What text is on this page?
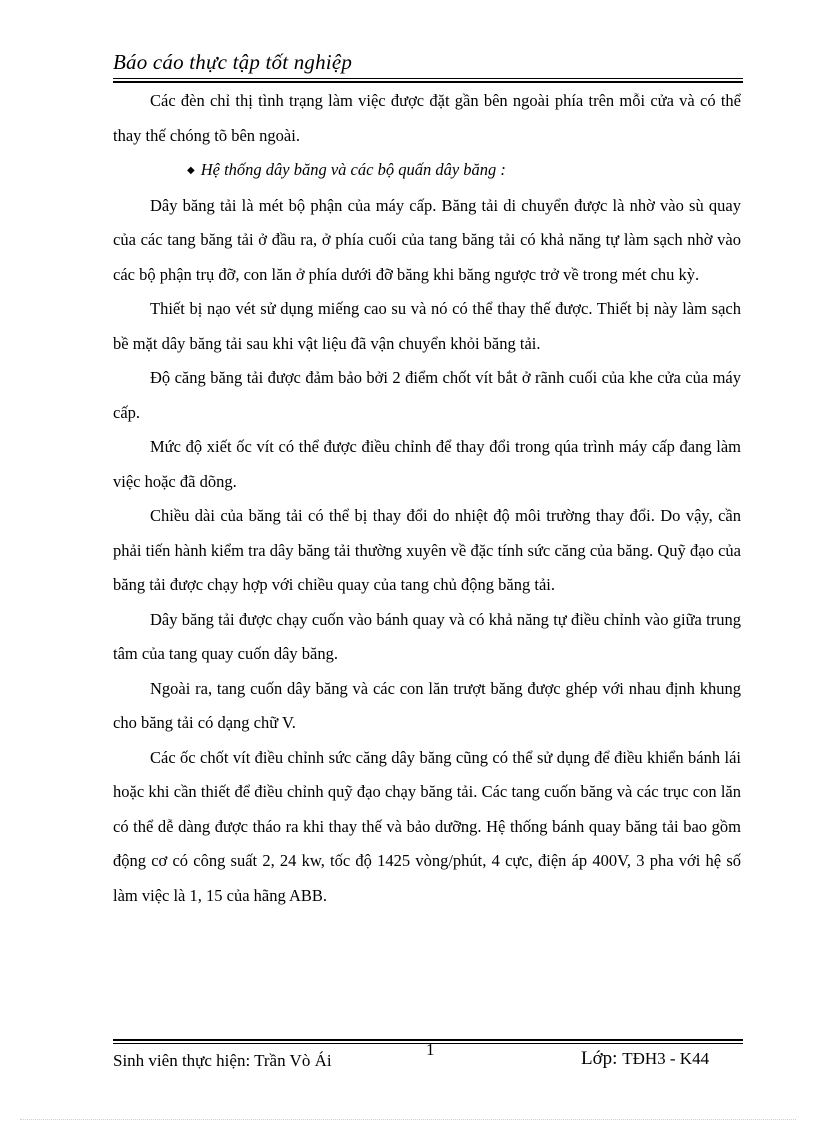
Báo cáo thực tập tốt nghiệp

Các đèn chỉ thị tình trạng làm việc được đặt gần bên ngoài phía trên mỗi cửa và có thể thay thế chóng tõ bên ngoài.

◆ Hệ thống dây băng và các bộ quấn dây băng :

Dây băng tải là mét bộ phận của máy cấp. Băng tải di chuyển được là nhờ vào sù quay của các tang băng tải ở đầu ra, ở phía cuối của tang băng tải có khả năng tự làm sạch nhờ vào các bộ phận trụ đỡ, con lăn ở phía dưới đỡ băng khi băng ngược trở về trong mét chu kỳ.

Thiết bị nạo vét sử dụng miếng cao su và nó có thể thay thế được. Thiết bị này làm sạch bề mặt dây băng tải sau khi vật liệu đã vận chuyển khỏi băng tải.

Độ căng băng tải được đảm bảo bởi 2 điểm chốt vít bắt ở rãnh cuối của khe cửa của máy cấp.

Mức độ xiết ốc vít có thể được điều chỉnh để thay đổi trong qúa trình máy cấp đang làm việc hoặc đã dõng.

Chiều dài của băng tải có thể bị thay đổi do nhiệt độ môi trường thay đổi. Do vậy, cần phải tiến hành kiểm tra dây băng tải thường xuyên về đặc tính sức căng của băng. Quỹ đạo của băng tải được chạy hợp với chiều quay của tang chủ động băng tải.

Dây băng tải được chạy cuốn vào bánh quay và có khả năng tự điều chỉnh vào giữa trung tâm của tang quay cuốn dây băng.

Ngoài ra, tang cuốn dây băng và các con lăn trượt băng được ghép với nhau định khung cho băng tải có dạng chữ V.

Các ốc chốt vít điều chỉnh sức căng dây băng cũng có thể sử dụng để điều khiển bánh lái hoặc khi cần thiết để điều chỉnh quỹ đạo chạy băng tải. Các tang cuốn băng và các trục con lăn có thể dễ dàng được tháo ra khi thay thế và bảo dưỡng. Hệ thống bánh quay băng tải bao gồm động cơ có công suất 2, 24 kw, tốc độ 1425 vòng/phút, 4 cực, điện áp 400V, 3 pha với hệ số làm việc là 1, 15 của hãng ABB.

Sinh viên thực hiện: Trần Vò Ái
1	Lớp: TĐH3 - K44
